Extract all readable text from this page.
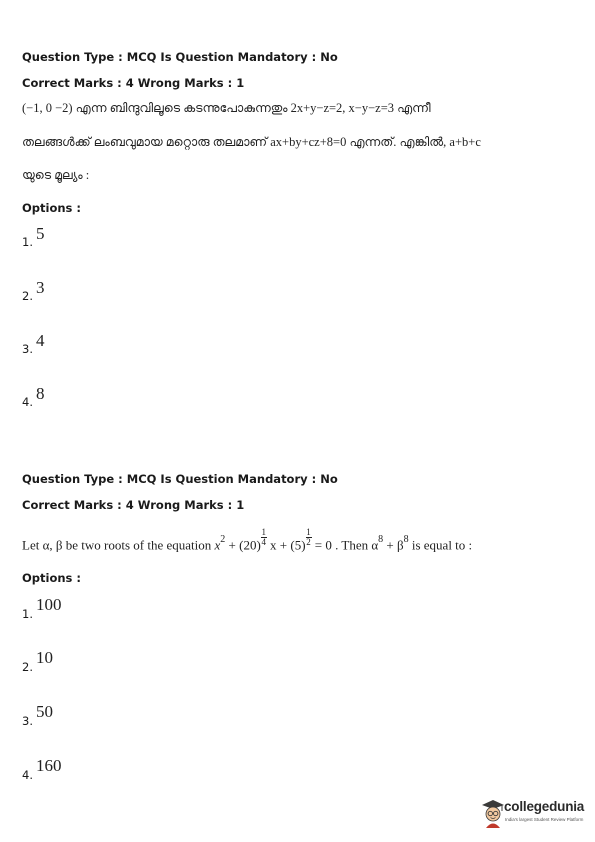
Question Type : MCQ Is Question Mandatory : No
Correct Marks : 4 Wrong Marks : 1
(−1, 0 −2) എന്ന ബിന്ദുവിലൂടെ കടന്നുപോകുന്നതും 2x+y−z=2, x−y−z=3 എന്നീ
തലങ്ങൾക്ക് ലംബവുമായ മറ്റൊരു തലമാണ് ax+by+cz+8=0 എന്നത്. എങ്കിൽ, a+b+c
യുടെ മൂല്യം :
Options :
1. 5
2. 3
3. 4
4. 8
Question Type : MCQ Is Question Mandatory : No
Correct Marks : 4 Wrong Marks : 1
Let α, β be two roots of the equation $x^2 + (20)\frac{1}{4}$ $x + (5)\frac{1}{2} = 0$ . Then $\alpha^8 + \beta^8$ is equal to :
Options :
1. 100
2. 10
3. 50
4. 160
collegedunia
India's largest Student Review Platform
